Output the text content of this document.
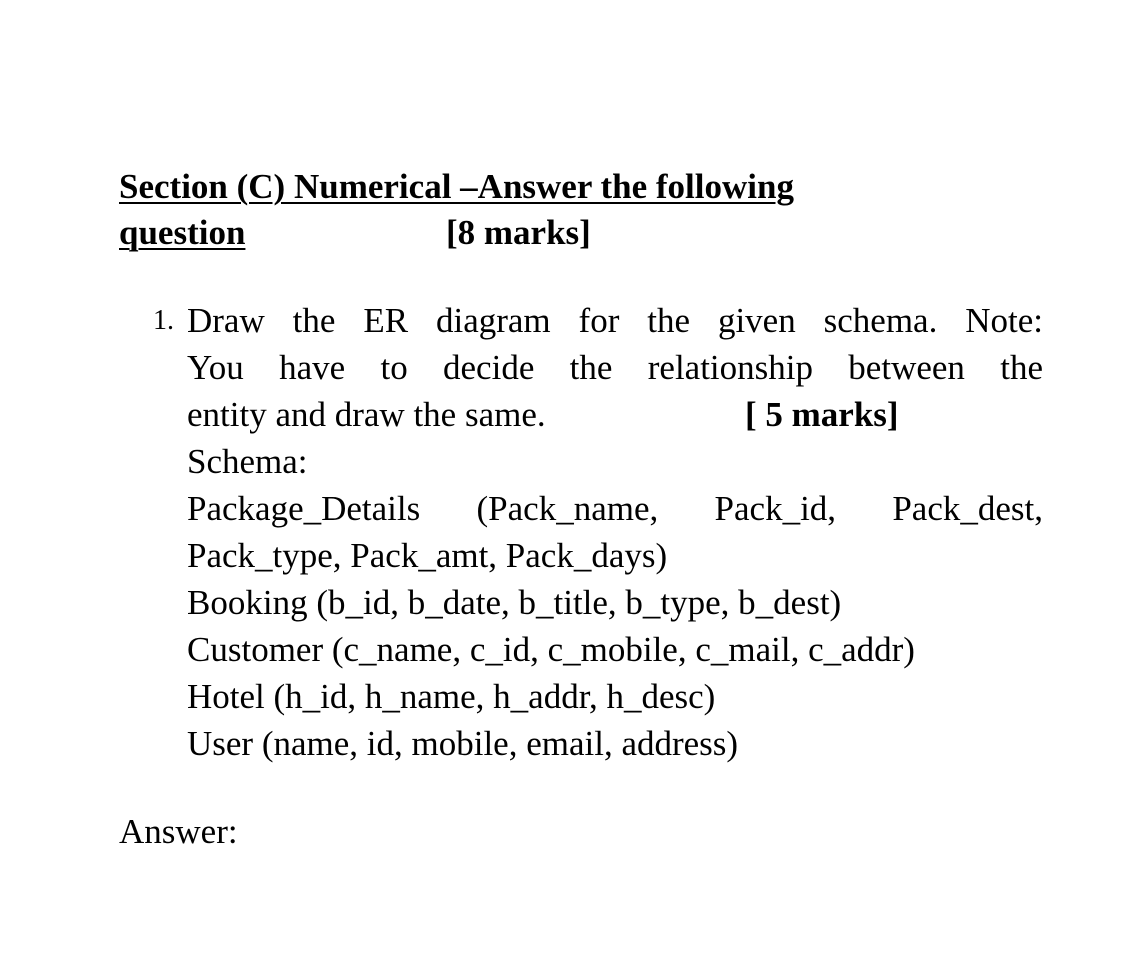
Section (C) Numerical –Answer the following
question	[8 marks]
1. Draw the ER diagram for the given schema. Note:
You have to decide the relationship between the
entity and draw the same.	[ 5 marks]
Schema:
Package_Details (Pack_name, Pack_id, Pack_dest,
Pack_type, Pack_amt, Pack_days)
Booking (b_id, b_date, b_title, b_type, b_dest)
Customer (c_name, c_id, c_mobile, c_mail, c_addr)
Hotel (h_id, h_name, h_addr, h_desc)
User (name, id, mobile, email, address)
Answer:
